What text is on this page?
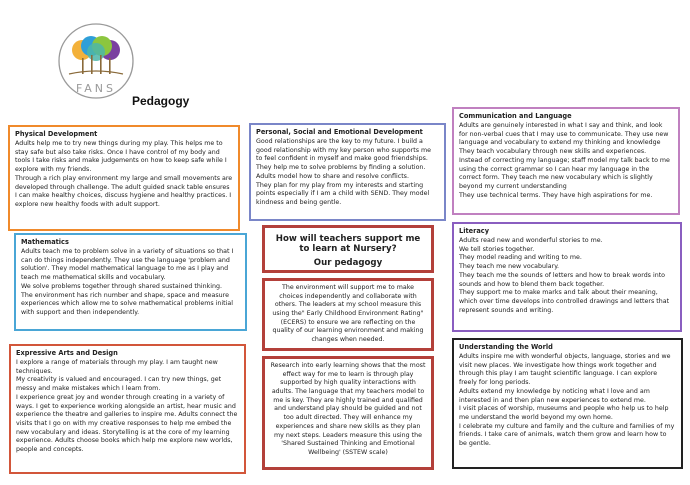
FANS
Pedagogy
Physical Development
Adults help me to try new things during my play. This helps me to stay safe but also take risks. Once I have control of my body and tools I take risks and make judgements on how to keep safe while I explore with my friends.
Through a rich play environment my large and small movements are developed through challenge. The adult guided snack table ensures I can make healthy choices, discuss hygiene and healthy practices. I explore new healthy foods with adult support.
Personal, Social and Emotional Development
Good relationships are the key to my future. I build a good relationship with my key person who supports me to feel confident in myself and make good friendships. They help me to solve problems by finding a solution. Adults model how to share and resolve conflicts.
They plan for my play from my interests and starting points especially if I am a child with SEND. They model kindness and being gentle.
Communication and Language
Adults are genuinely interested in what I say and think, and look for non-verbal cues that I may use to communicate. They use new language and vocabulary to extend my thinking and knowledge
They teach vocabulary through new skills and experiences.
Instead of correcting my language; staff model my talk back to me using the correct grammar so I can hear my language in the correct form. They teach me new vocabulary which is slightly beyond my current understanding
They use technical terms. They have high aspirations for me.
Mathematics
Adults teach me to problem solve in a variety of situations so that I can do things independently. They use the language 'problem and solution'. They model mathematical language to me as I play and teach me mathematical skills and vocabulary.
We solve problems together through shared sustained thinking.
The environment has rich number and shape, space and measure experiences which allow me to solve mathematical problems initial with support and then independently.
How will teachers support me to learn at Nursery?
Our pedagogy
The environment will support me to make choices independently and collaborate with others. The leaders at my school measure this using the" Early Childhood Environment Rating" (ECERS) to ensure we are reflecting on the quality of our learning environment and making changes when needed.
Research into early learning shows that the most effect way for me to learn is through play supported by high quality interactions with adults. The language that my teachers model to me is key. They are highly trained and qualified and understand play should be guided and not too adult directed. They will enhance my experiences and share new skills as they plan my next steps. Leaders measure this using the 'Shared Sustained Thinking and Emotional Wellbeing' (SSTEW scale)
Literacy
Adults read new and wonderful stories to me.
We tell stories together.
They model reading and writing to me.
They teach me new vocabulary.
They teach me the sounds of letters and how to break words into sounds and how to blend them back together.
They support me to make marks and talk about their meaning, which over time develops into controlled drawings and letters that represent sounds and writing.
Expressive Arts and Design
I explore a range of materials through my play. I am taught new techniques.
My creativity is valued and encouraged. I can try new things, get messy and make mistakes which I learn from.
I experience great joy and wonder through creating in a variety of ways. I get to experience working alongside an artist, hear music and experience the theatre and galleries to inspire me. Adults connect the visits that I go on with my creative responses to help me embed the new vocabulary and ideas. Storytelling is at the core of my learning experience. Adults choose books which help me explore new worlds, people and concepts.
Understanding the World
Adults inspire me with wonderful objects, language, stories and we visit new places. We investigate how things work together and through this play I am taught scientific language. I can explore freely for long periods.
Adults extend my knowledge by noticing what I love and am interested in and then plan new experiences to extend me.
I visit places of worship, museums and people who help us to help me understand the world beyond my own home.
I celebrate my culture and family and the culture and families of my friends. I take care of animals, watch them grow and learn how to be gentle.
